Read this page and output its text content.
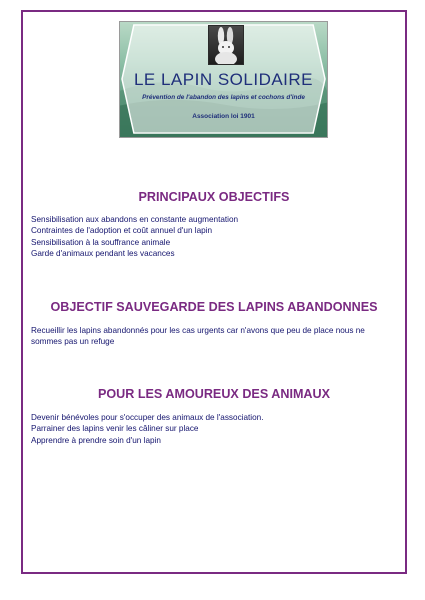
LE LAPIN SOLIDAIRE
Prévention de l'abandon des lapins et cochons d'inde
Association loi 1901
PRINCIPAUX OBJECTIFS
Sensibilisation aux abandons en constante augmentation
Contraintes de l'adoption et coût annuel d'un lapin
Sensibilisation à la souffrance animale
Garde d'animaux pendant les vacances
OBJECTIF SAUVEGARDE DES LAPINS ABANDONNES

Recueillir les lapins abandonnés pour les cas urgents car n'avons que peu de place nous ne sommes pas un refuge

POUR LES AMOUREUX DES ANIMAUX
Devenir bénévoles pour s'occuper des animaux de l'association.
Parrainer des lapins venir les câliner sur place
Apprendre à prendre soin d'un lapin
